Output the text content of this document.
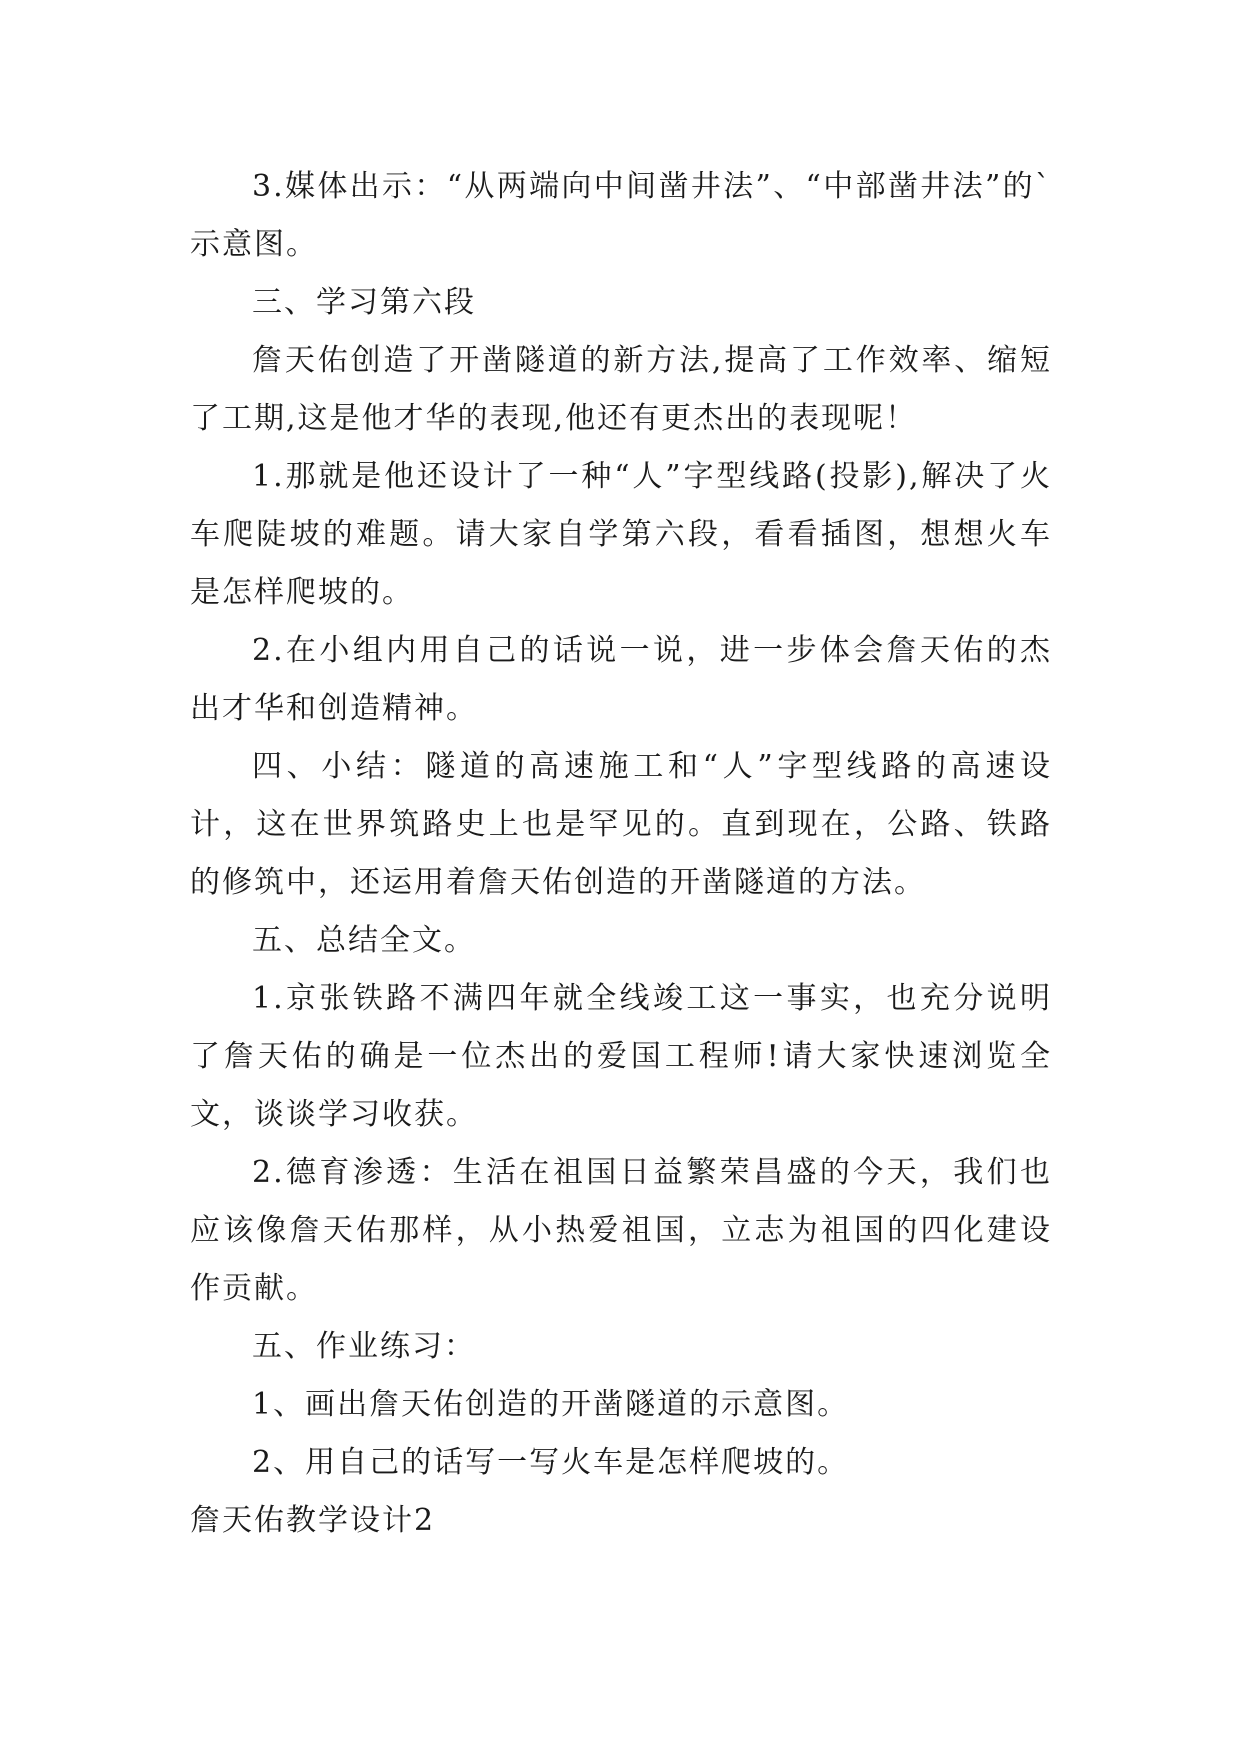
3.媒体出示：“从两端向中间凿井法”、“中部凿井法”的`示意图。

三、学习第六段

詹天佑创造了开凿隧道的新方法,提高了工作效率、缩短了工期,这是他才华的表现,他还有更杰出的表现呢！

1.那就是他还设计了一种“人”字型线路(投影),解决了火车爬陡坡的难题。请大家自学第六段，看看插图，想想火车是怎样爬坡的。

2.在小组内用自己的话说一说，进一步体会詹天佑的杰出才华和创造精神。

四、小结：隧道的高速施工和“人”字型线路的高速设计，这在世界筑路史上也是罕见的。直到现在，公路、铁路的修筑中，还运用着詹天佑创造的开凿隧道的方法。

五、总结全文。

1.京张铁路不满四年就全线竣工这一事实，也充分说明了詹天佑的确是一位杰出的爱国工程师!请大家快速浏览全文，谈谈学习收获。

2.德育渗透：生活在祖国日益繁荣昌盛的今天，我们也应该像詹天佑那样，从小热爱祖国，立志为祖国的四化建设作贡献。

五、作业练习：

1、画出詹天佑创造的开凿隧道的示意图。

2、用自己的话写一写火车是怎样爬坡的。

詹天佑教学设计2
